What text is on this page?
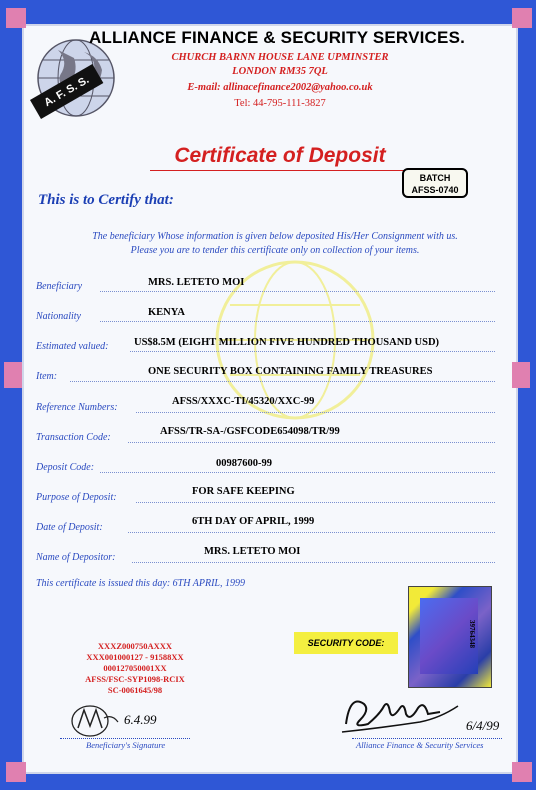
A. F. S. S.
ALLIANCE FINANCE & SECURITY SERVICES.
CHURCH BARNN HOUSE LANE UPMINSTER
LONDON RM35 7QL
E-mail: allinacefinance2002@yahoo.co.uk
Tel: 44-795-111-3827
Certificate of Deposit
BATCH
AFSS-0740
This is to Certify that:
The beneficiary Whose information is given below deposited His/Her Consignment with us.
Please you are to tender this certificate only on collection of your items.
Beneficiary	MRS. LETETO MOI
Nationality	KENYA
Estimated valued: US$8.5M (EIGHT MILLION FIVE HUNDRED THOUSAND USD)
Item:	ONE SECURITY BOX CONTAINING FAMILY TREASURES
Reference Numbers:
AFSS/XXXC-TI/45320/XXC-99
Transaction Code:
AFSS/TR-SA-/GSFCODE654098/TR/99
Deposit Code:	00987600-99
Purpose of Deposit:
FOR SAFE KEEPING
Date of Deposit:
6TH DAY OF APRIL, 1999
Name of Depositor:
MRS. LETETO MOI
This certificate is issued this day: 6TH APRIL, 1999
XXXZ000750AXXX
XXX001000127 - 91588XX
000127050001XX
AFSS/FSC-SYP1098-RCIX
SC-0061645/98
SECURITY CODE:	39764348
6.4.99
Beneficiary's Signature
6/4/99
Alliance Finance & Security Services
